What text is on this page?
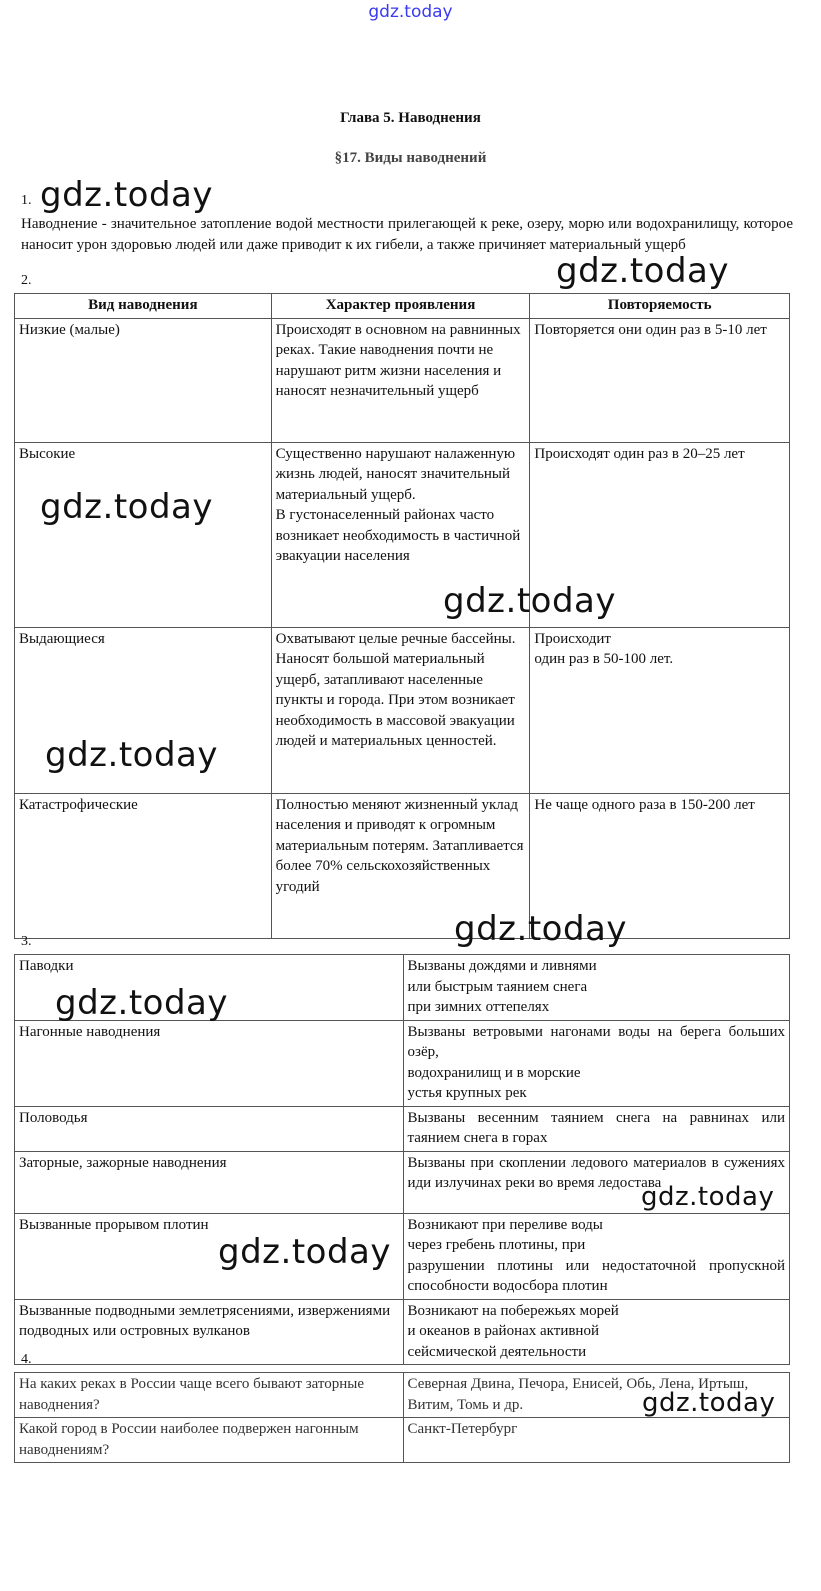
gdz.today
Глава 5. Наводнения
§17. Виды наводнений
1.
Наводнение - значительное затопление водой местности прилегающей к реке, озеру, морю или водохранилищу, которое наносит урон здоровью людей или даже приводит к их гибели, а также причиняет материальный ущерб
2.
Вид наводнения	Характер проявления	Повторяемость
Низкие (малые)	Происходят в основном на равнинных реках. Такие наводнения почти не нарушают ритм жизни населения и наносят незначительный ущерб	Повторяется они один раз в 5-10 лет
Высокие	Существенно нарушают налаженную жизнь людей, наносят значительный материальный ущерб.
В густонаселенный районах часто
возникает необходимость в частичной
эвакуации населения	Происходят один раз в 20–25 лет
Выдающиеся	Охватывают целые речные бассейны. Наносят большой материальный ущерб, затапливают населенные пункты и города. При этом возникает необходимость в массовой эвакуации людей и материальных ценностей.	Происходит
один раз в 50-100 лет.
Катастрофические	Полностью меняют жизненный уклад населения и приводят к огромным материальным потерям. Затапливается более 70% сельскохозяйственных угодий	Не чаще одного раза в 150-200 лет
3.
Паводки	Вызваны дождями и ливнями
или быстрым таянием снега
при зимних оттепелях
Нагонные наводнения	Вызваны ветровыми нагонами воды на берега больших озёр,
водохранилищ и в морские
устья крупных рек
Половодья	Вызваны весенним таянием снега на равнинах или таянием снега в горах
Заторные, зажорные наводнения	Вызваны при скоплении ледового материалов в сужениях иди излучинах реки во время ледостава
Вызванные прорывом плотин	Возникают при переливе воды
через гребень плотины, при
разрушении плотины или недостаточной пропускной способности водосбора плотин
Вызванные подводными землетрясениями, извержениями подводных или островных вулканов	Возникают на побережьях морей
и океанов в районах активной
сейсмической деятельности
4.
На каких реках в России чаще всего бывают заторные наводнения?	Северная Двина, Печора, Енисей, Обь, Лена, Иртыш, Витим, Томь и др.
Какой город в России наиболее подвержен нагонным наводнениям?	Санкт-Петербург
gdz.today
gdz.today
gdz.today
gdz.today
gdz.today
gdz.today
gdz.today
gdz.today
gdz.today
gdz.today
